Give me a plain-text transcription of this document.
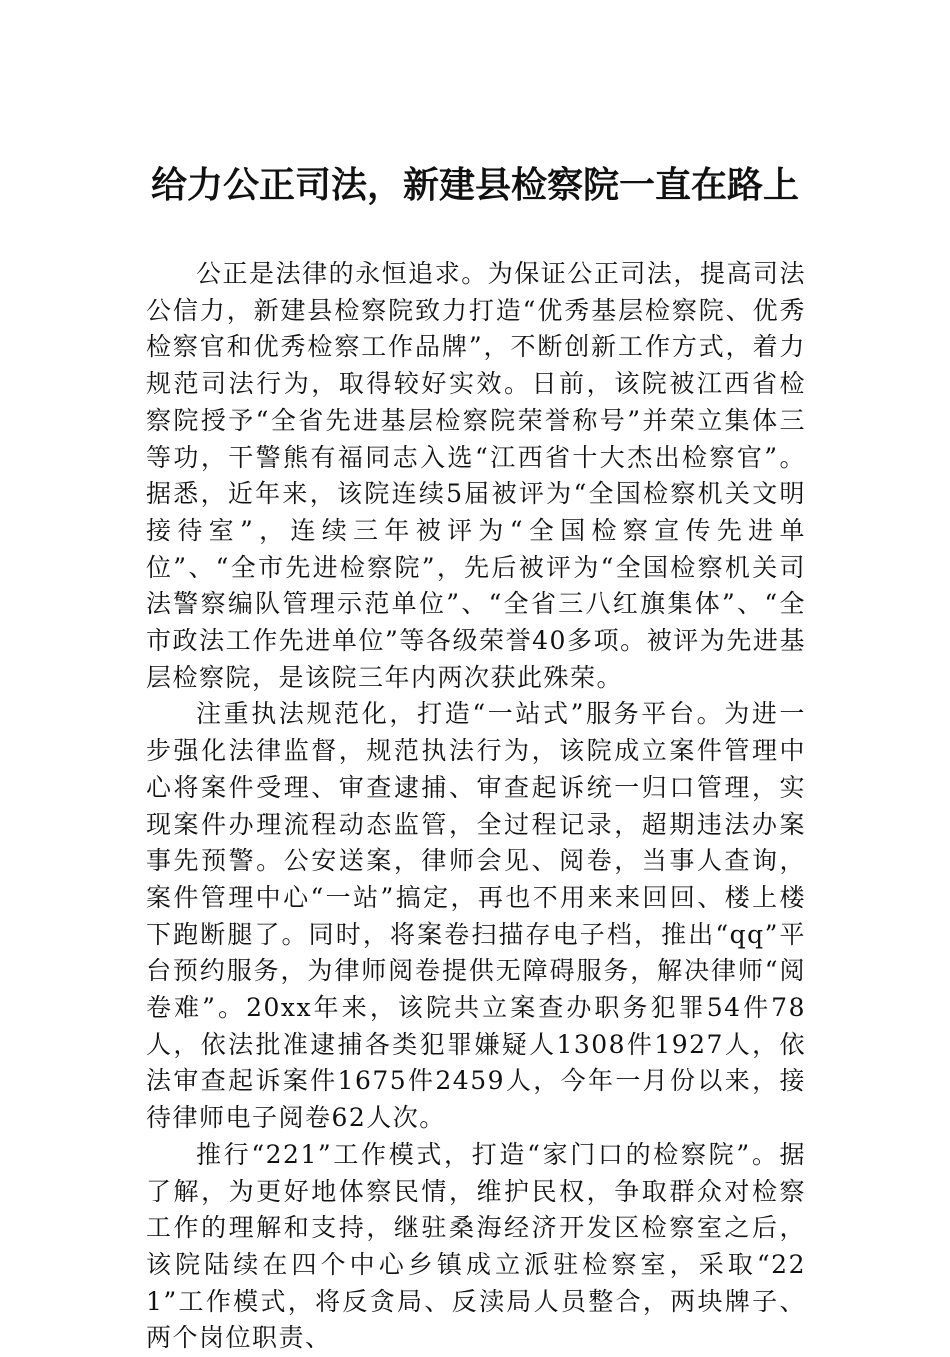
给力公正司法，新建县检察院一直在路上

公正是法律的永恒追求。为保证公正司法，提高司法公信力，新建县检察院致力打造“优秀基层检察院、优秀检察官和优秀检察工作品牌”，不断创新工作方式，着力规范司法行为，取得较好实效。日前，该院被江西省检察院授予“全省先进基层检察院荣誉称号”并荣立集体三等功，干警熊有福同志入选“江西省十大杰出检察官”。据悉，近年来，该院连续5届被评为“全国检察机关文明接待室”，连续三年被评为“全国检察宣传先进单位”、“全市先进检察院”，先后被评为“全国检察机关司法警察编队管理示范单位”、“全省三八红旗集体”、“全市政法工作先进单位”等各级荣誉40多项。被评为先进基层检察院，是该院三年内两次获此殊荣。

注重执法规范化，打造“一站式”服务平台。为进一步强化法律监督，规范执法行为，该院成立案件管理中心将案件受理、审查逮捕、审查起诉统一归口管理，实现案件办理流程动态监管，全过程记录，超期违法办案事先预警。公安送案，律师会见、阅卷，当事人查询，案件管理中心“一站”搞定，再也不用来来回回、楼上楼下跑断腿了。同时，将案卷扫描存电子档，推出“qq”平台预约服务，为律师阅卷提供无障碍服务，解决律师“阅卷难”。20xx年来，该院共立案查办职务犯罪54件78人，依法批准逮捕各类犯罪嫌疑人1308件1927人，依法审查起诉案件1675件2459人，今年一月份以来，接待律师电子阅卷62人次。

推行“221”工作模式，打造“家门口的检察院”。据了解，为更好地体察民情，维护民权，争取群众对检察工作的理解和支持，继驻桑海经济开发区检察室之后，该院陆续在四个中心乡镇成立派驻检察室，采取“221”工作模式，将反贪局、反渎局人员整合，两块牌子、两个岗位职责、
